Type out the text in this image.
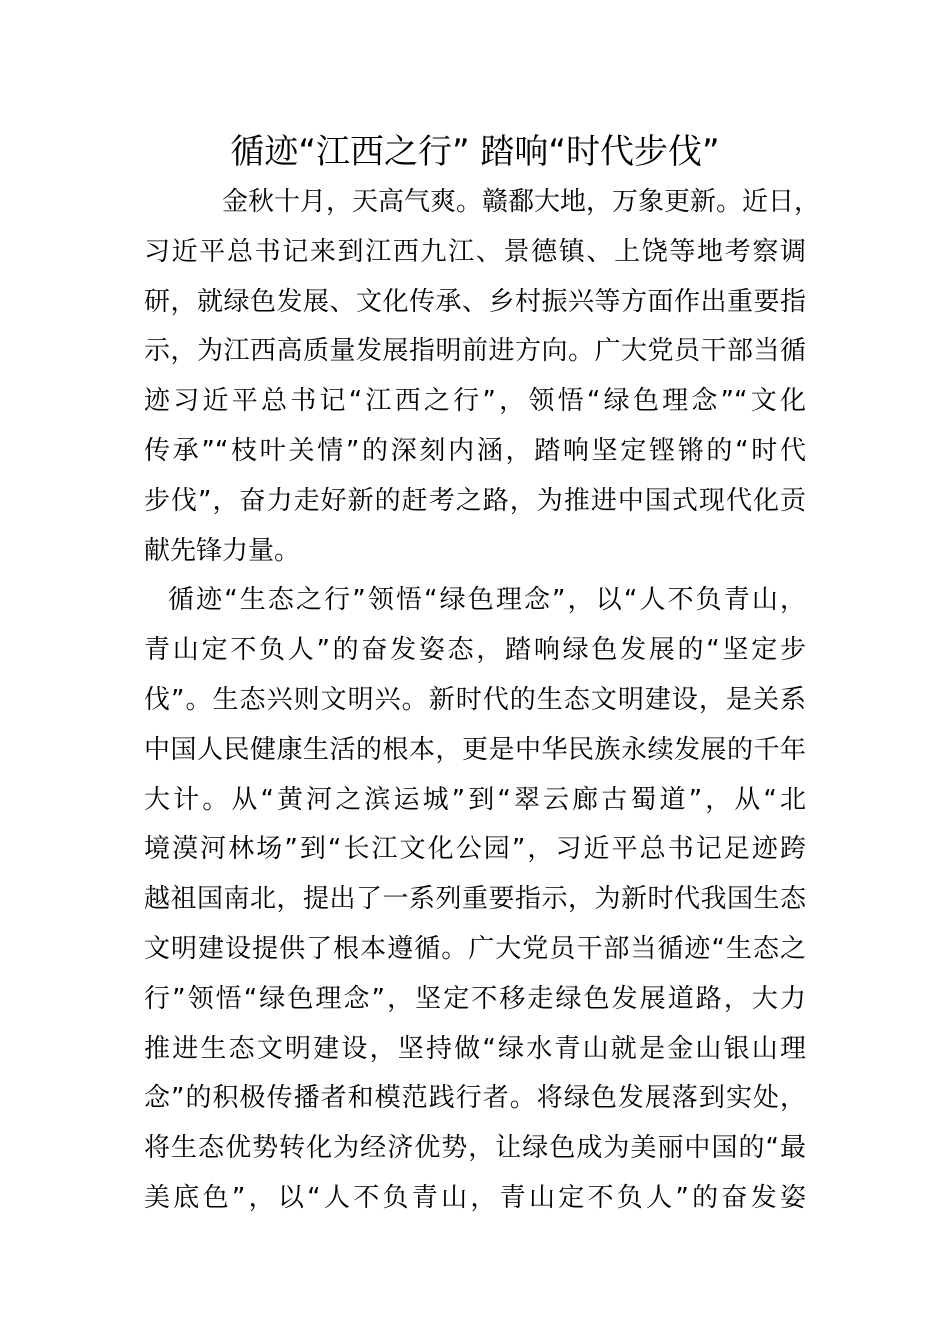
循迹“江西之行” 踏响“时代步伐”
金秋十月，天高气爽。赣鄱大地，万象更新。近日，
习近平总书记来到江西九江、景德镇、上饶等地考察调
研，就绿色发展、文化传承、乡村振兴等方面作出重要指
示，为江西高质量发展指明前进方向。广大党员干部当循
迹习近平总书记“江西之行”，领悟“绿色理念”“文化
传承”“枝叶关情”的深刻内涵，踏响坚定铿锵的“时代
步伐”，奋力走好新的赶考之路，为推进中国式现代化贡
献先锋力量。
循迹“生态之行”领悟“绿色理念”，以“人不负青山，
青山定不负人”的奋发姿态，踏响绿色发展的“坚定步
伐”。生态兴则文明兴。新时代的生态文明建设，是关系
中国人民健康生活的根本，更是中华民族永续发展的千年
大计。从“黄河之滨运城”到“翠云廊古蜀道”，从“北
境漠河林场”到“长江文化公园”，习近平总书记足迹跨
越祖国南北，提出了一系列重要指示，为新时代我国生态
文明建设提供了根本遵循。广大党员干部当循迹“生态之
行”领悟“绿色理念”，坚定不移走绿色发展道路，大力
推进生态文明建设，坚持做“绿水青山就是金山银山理
念”的积极传播者和模范践行者。将绿色发展落到实处，
将生态优势转化为经济优势，让绿色成为美丽中国的“最
美底色”，以“人不负青山，青山定不负人”的奋发姿
